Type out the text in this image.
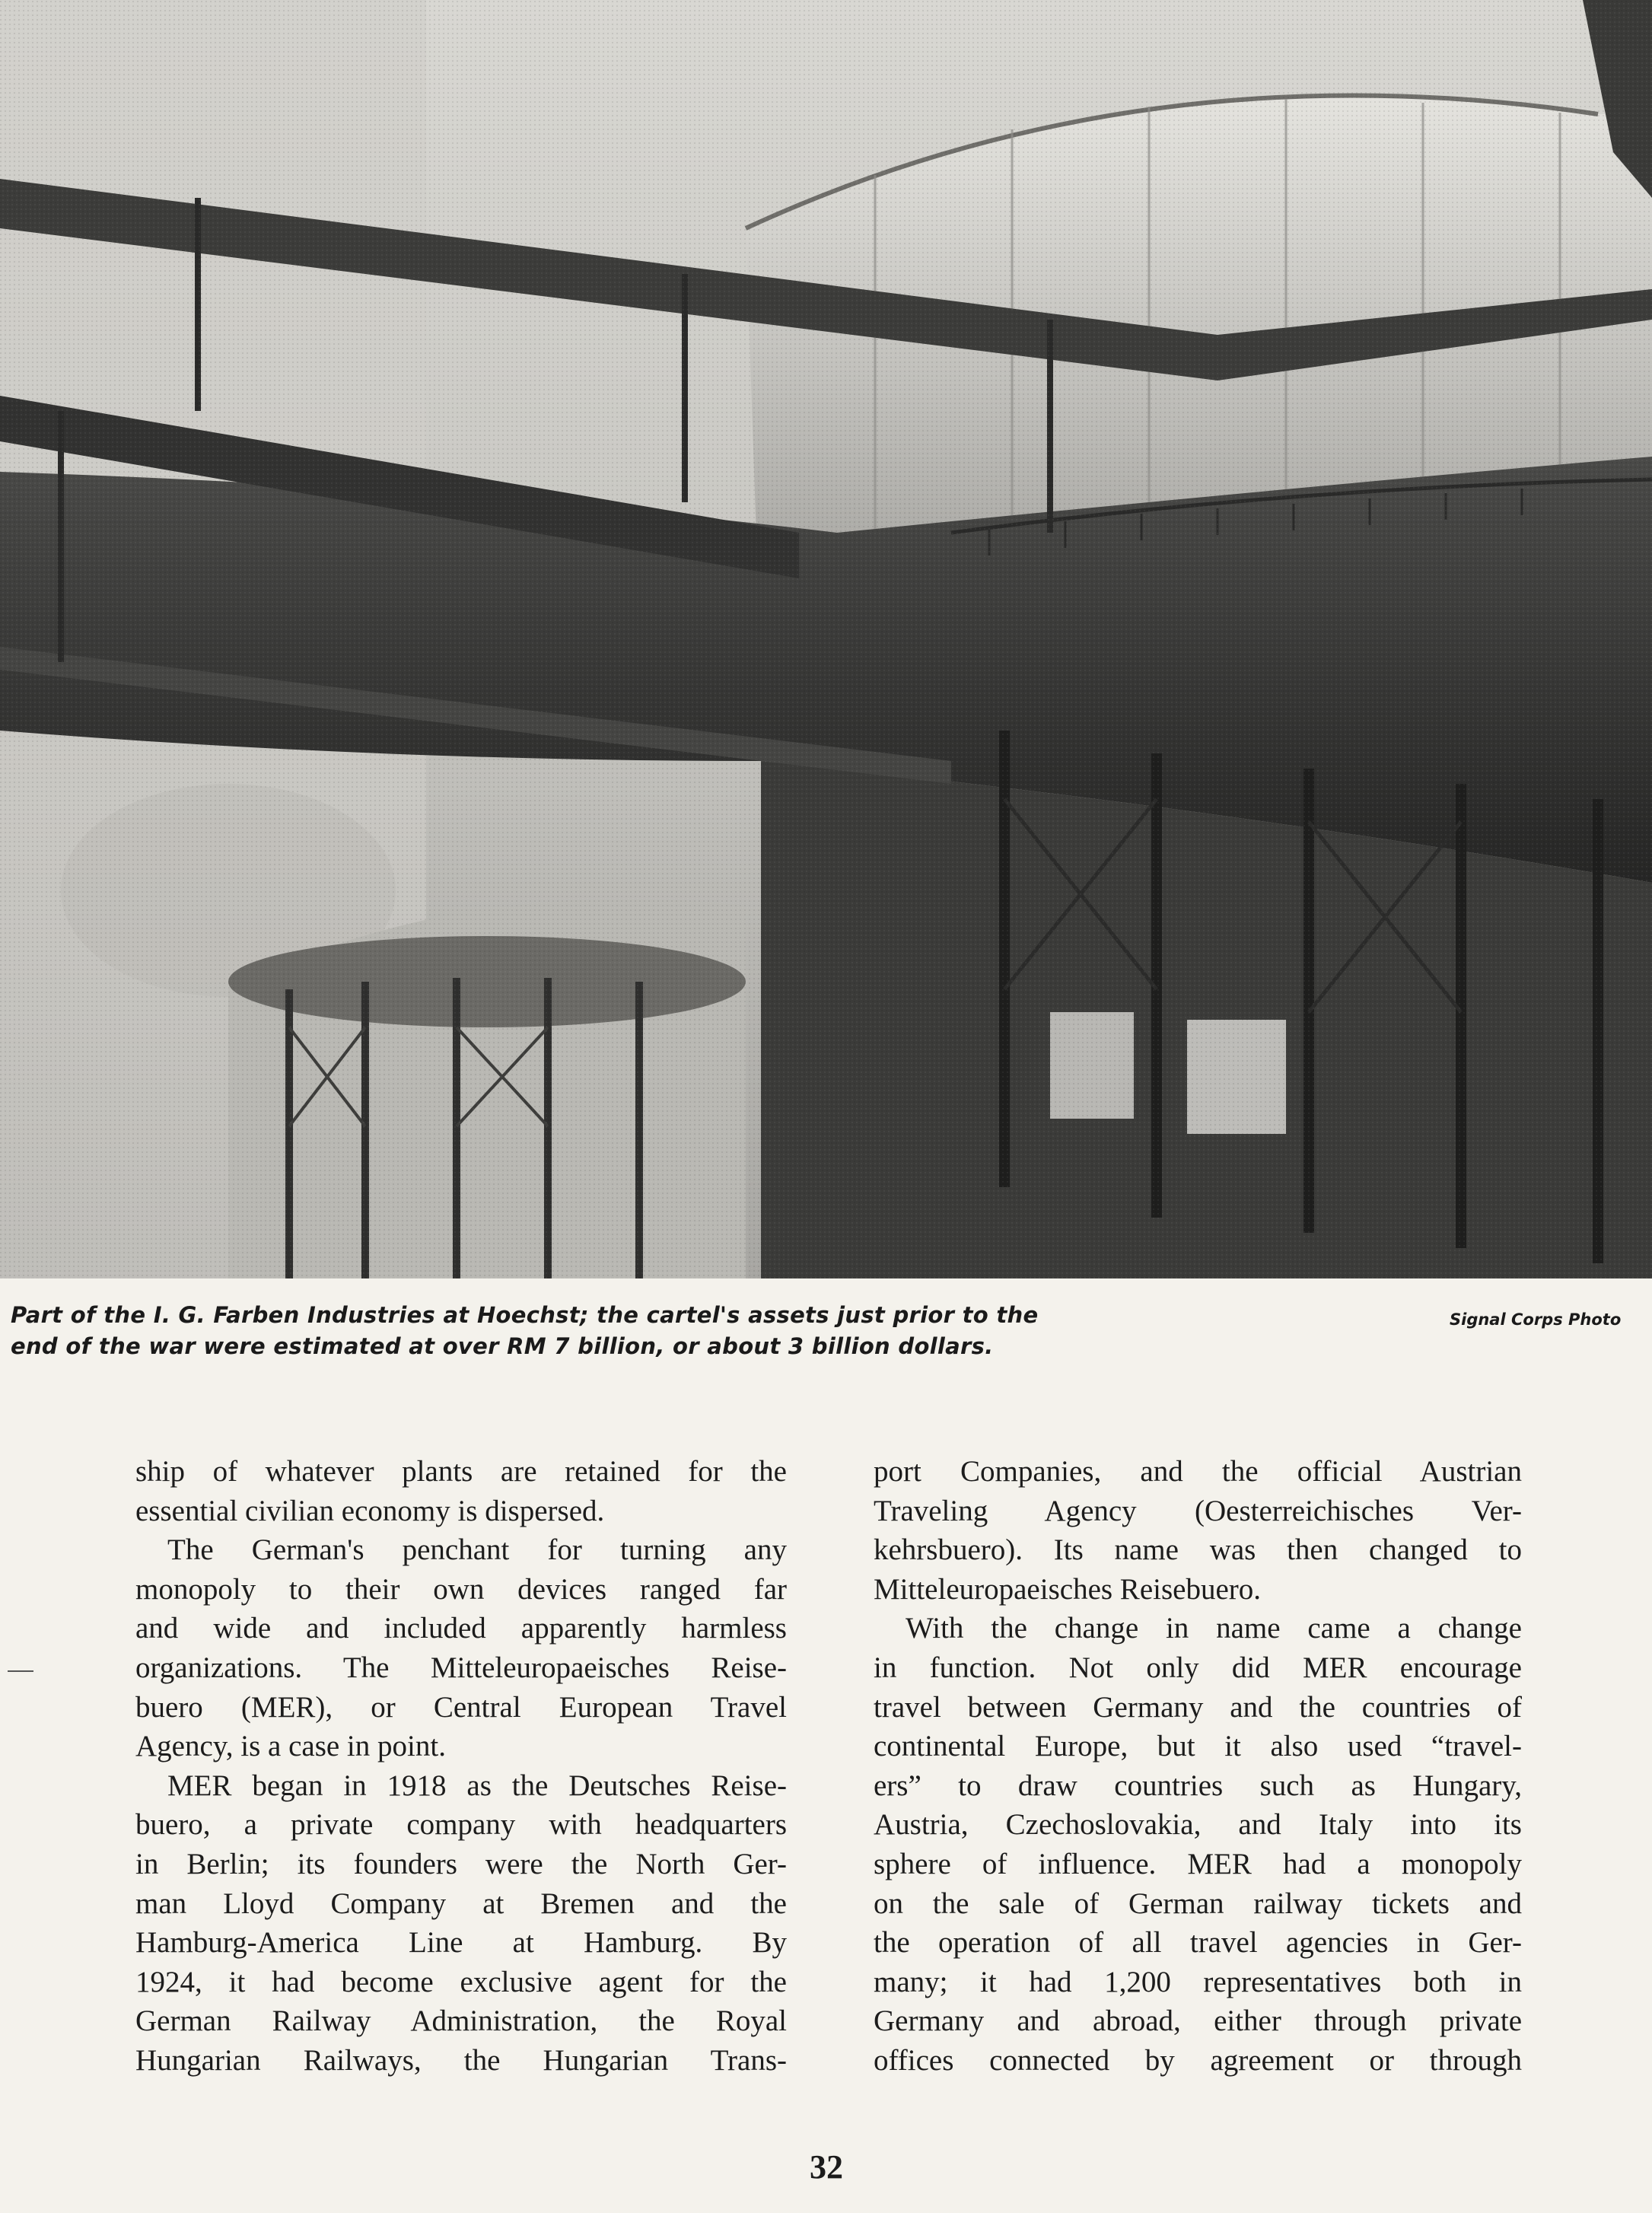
Part of the I. G. Farben Industries at Hoechst; the cartel's assets just prior to the
end of the war were estimated at over RM 7 billion, or about 3 billion dollars.
Signal Corps Photo
ship of whatever plants are retained for the
essential civilian economy is dispersed.
The German's penchant for turning any
monopoly to their own devices ranged far
and wide and included apparently harmless
organizations. The Mitteleuropaeisches Reise-
buero (MER), or Central European Travel
Agency, is a case in point.
MER began in 1918 as the Deutsches Reise-
buero, a private company with headquarters
in Berlin; its founders were the North Ger-
man Lloyd Company at Bremen and the
Hamburg-America Line at Hamburg. By
1924, it had become exclusive agent for the
German Railway Administration, the Royal
Hungarian Railways, the Hungarian Trans-
port Companies, and the official Austrian
Traveling Agency (Oesterreichisches Ver-
kehrsbuero). Its name was then changed to
Mitteleuropaeisches Reisebuero.
With the change in name came a change
in function. Not only did MER encourage
travel between Germany and the countries of
continental Europe, but it also used “travel-
ers” to draw countries such as Hungary,
Austria, Czechoslovakia, and Italy into its
sphere of influence. MER had a monopoly
on the sale of German railway tickets and
the operation of all travel agencies in Ger-
many; it had 1,200 representatives both in
Germany and abroad, either through private
offices connected by agreement or through
32
